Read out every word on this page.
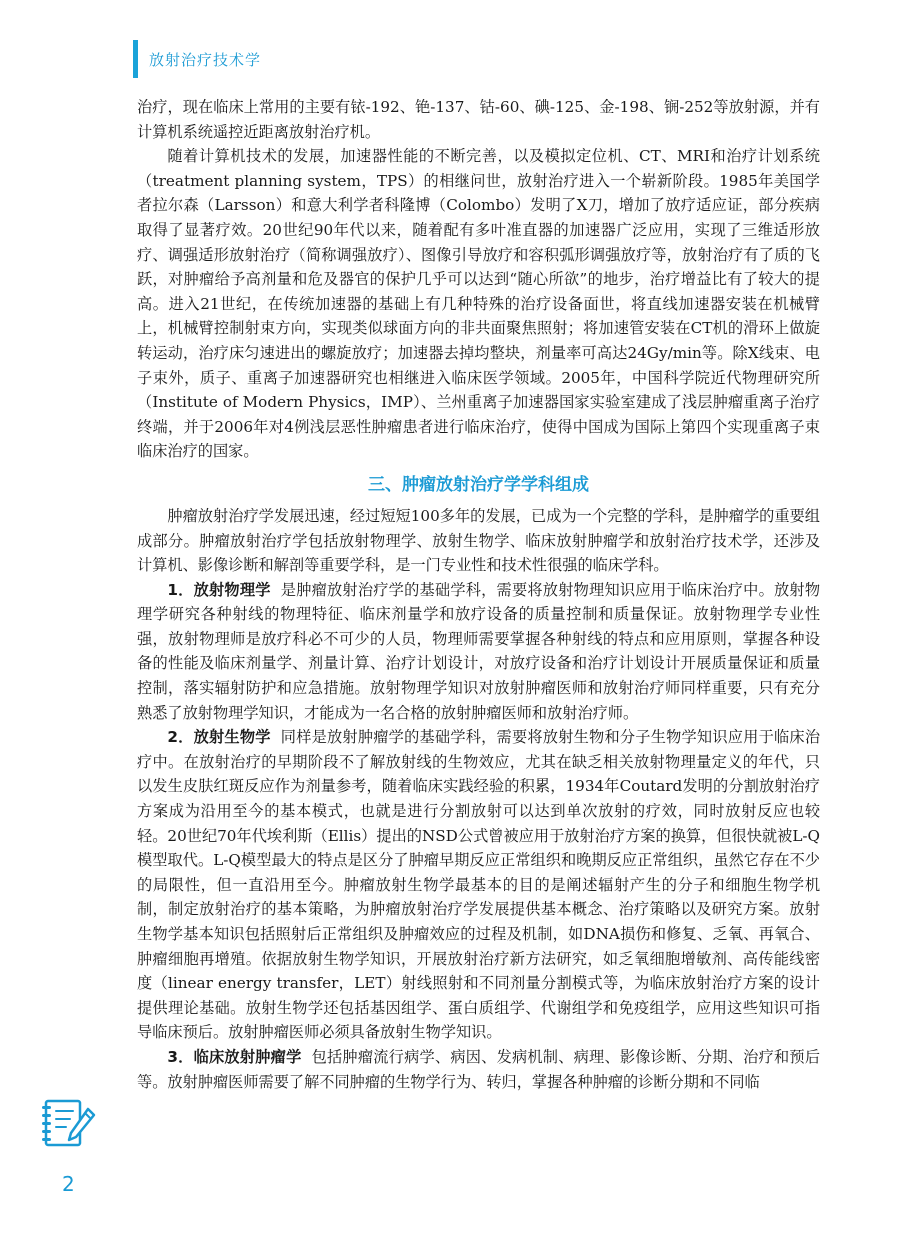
放射治疗技术学

治疗，现在临床上常用的主要有铱-192、铯-137、钴-60、碘-125、金-198、锎-252等放射源，并有计算机系统遥控近距离放射治疗机。

随着计算机技术的发展，加速器性能的不断完善，以及模拟定位机、CT、MRI和治疗计划系统（treatment planning system，TPS）的相继问世，放射治疗进入一个崭新阶段。1985年美国学者拉尔森（Larsson）和意大利学者科隆博（Colombo）发明了X刀，增加了放疗适应证，部分疾病取得了显著疗效。20世纪90年代以来，随着配有多叶准直器的加速器广泛应用，实现了三维适形放疗、调强适形放射治疗（简称调强放疗）、图像引导放疗和容积弧形调强放疗等，放射治疗有了质的飞跃，对肿瘤给予高剂量和危及器官的保护几乎可以达到“随心所欲”的地步，治疗增益比有了较大的提高。进入21世纪，在传统加速器的基础上有几种特殊的治疗设备面世，将直线加速器安装在机械臂上，机械臂控制射束方向，实现类似球面方向的非共面聚焦照射；将加速管安装在CT机的滑环上做旋转运动，治疗床匀速进出的螺旋放疗；加速器去掉均整块，剂量率可高达24Gy/min等。除X线束、电子束外，质子、重离子加速器研究也相继进入临床医学领域。2005年，中国科学院近代物理研究所（Institute of Modern Physics，IMP）、兰州重离子加速器国家实验室建成了浅层肿瘤重离子治疗终端，并于2006年对4例浅层恶性肿瘤患者进行临床治疗，使得中国成为国际上第四个实现重离子束临床治疗的国家。

三、肿瘤放射治疗学学科组成

肿瘤放射治疗学发展迅速，经过短短100多年的发展，已成为一个完整的学科，是肿瘤学的重要组成部分。肿瘤放射治疗学包括放射物理学、放射生物学、临床放射肿瘤学和放射治疗技术学，还涉及计算机、影像诊断和解剖等重要学科，是一门专业性和技术性很强的临床学科。

1．放射物理学 是肿瘤放射治疗学的基础学科，需要将放射物理知识应用于临床治疗中。放射物理学研究各种射线的物理特征、临床剂量学和放疗设备的质量控制和质量保证。放射物理学专业性强，放射物理师是放疗科必不可少的人员，物理师需要掌握各种射线的特点和应用原则，掌握各种设备的性能及临床剂量学、剂量计算、治疗计划设计，对放疗设备和治疗计划设计开展质量保证和质量控制，落实辐射防护和应急措施。放射物理学知识对放射肿瘤医师和放射治疗师同样重要，只有充分熟悉了放射物理学知识，才能成为一名合格的放射肿瘤医师和放射治疗师。

2．放射生物学 同样是放射肿瘤学的基础学科，需要将放射生物和分子生物学知识应用于临床治疗中。在放射治疗的早期阶段不了解放射线的生物效应，尤其在缺乏相关放射物理量定义的年代，只以发生皮肤红斑反应作为剂量参考，随着临床实践经验的积累，1934年Coutard发明的分割放射治疗方案成为沿用至今的基本模式，也就是进行分割放射可以达到单次放射的疗效，同时放射反应也较轻。20世纪70年代埃利斯（Ellis）提出的NSD公式曾被应用于放射治疗方案的换算，但很快就被L-Q模型取代。L-Q模型最大的特点是区分了肿瘤早期反应正常组织和晚期反应正常组织，虽然它存在不少的局限性，但一直沿用至今。肿瘤放射生物学最基本的目的是阐述辐射产生的分子和细胞生物学机制，制定放射治疗的基本策略，为肿瘤放射治疗学发展提供基本概念、治疗策略以及研究方案。放射生物学基本知识包括照射后正常组织及肿瘤效应的过程及机制，如DNA损伤和修复、乏氧、再氧合、肿瘤细胞再增殖。依据放射生物学知识，开展放射治疗新方法研究，如乏氧细胞增敏剂、高传能线密度（linear energy transfer，LET）射线照射和不同剂量分割模式等，为临床放射治疗方案的设计提供理论基础。放射生物学还包括基因组学、蛋白质组学、代谢组学和免疫组学，应用这些知识可指导临床预后。放射肿瘤医师必须具备放射生物学知识。

3．临床放射肿瘤学 包括肿瘤流行病学、病因、发病机制、病理、影像诊断、分期、治疗和预后等。放射肿瘤医师需要了解不同肿瘤的生物学行为、转归，掌握各种肿瘤的诊断分期和不同临

2
